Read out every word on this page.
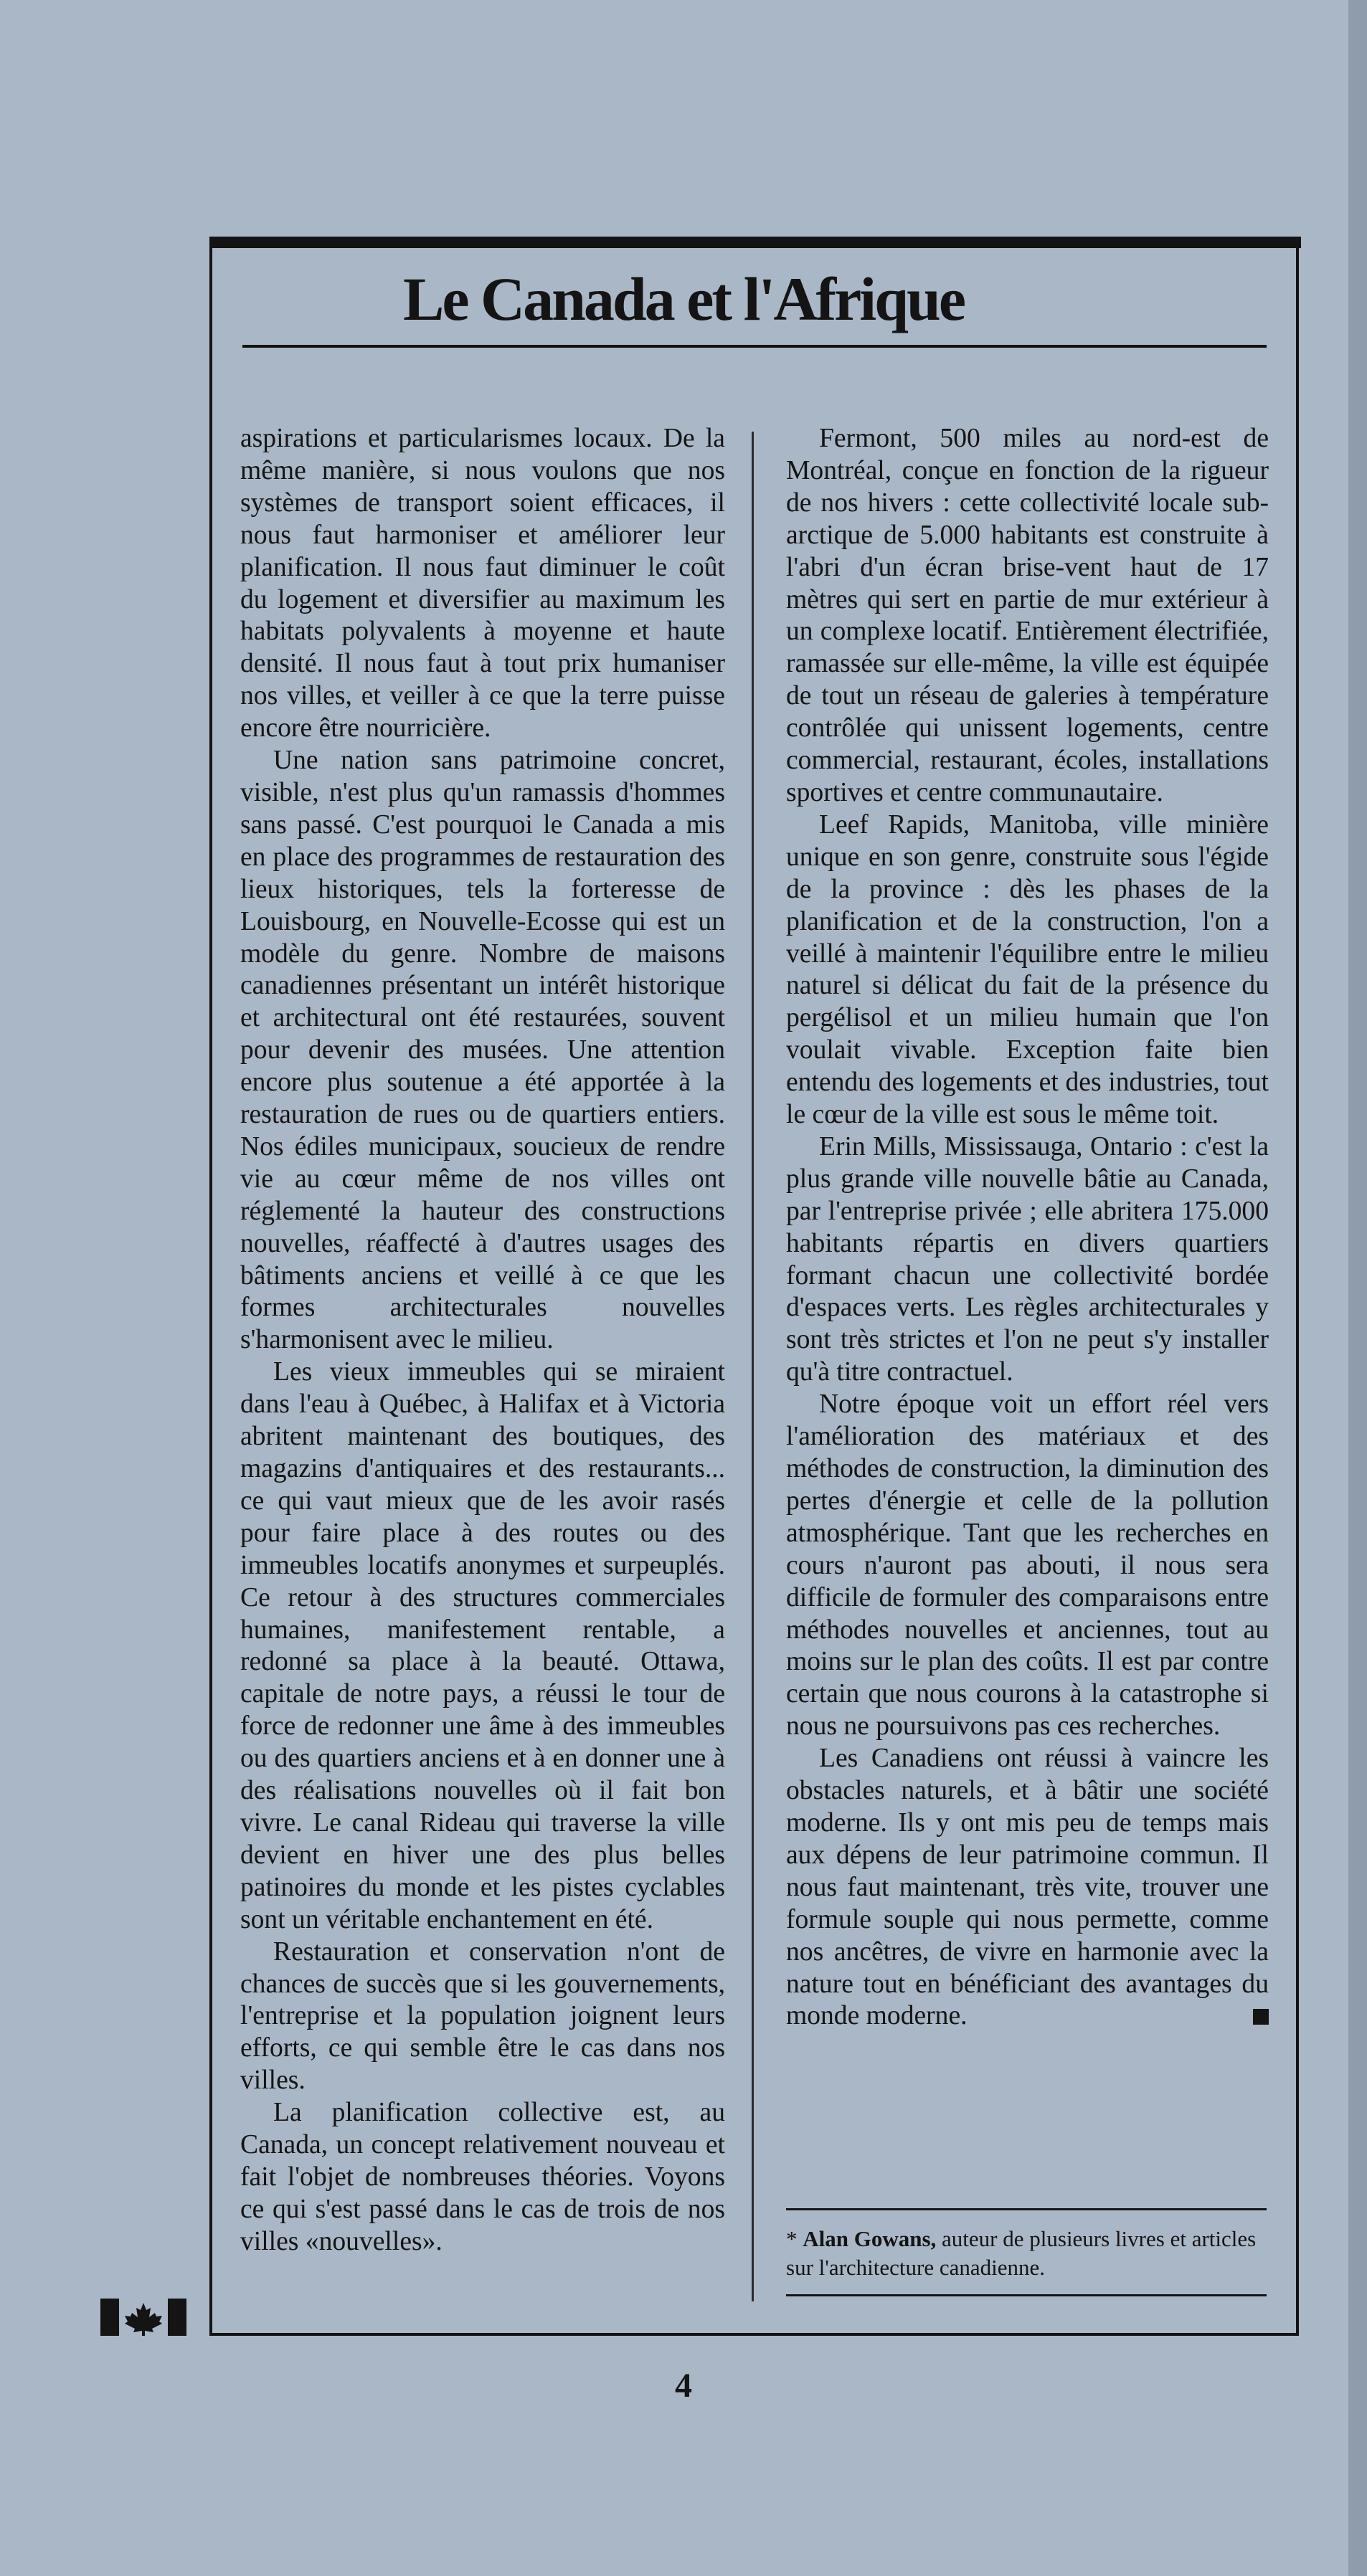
Le Canada et l'Afrique

aspirations et particularismes locaux. De la même manière, si nous voulons que nos systèmes de transport soient efficaces, il nous faut harmoniser et améliorer leur planification. Il nous faut diminuer le coût du logement et diversifier au maximum les habitats polyvalents à moyenne et haute densité. Il nous faut à tout prix humaniser nos villes, et veiller à ce que la terre puisse encore être nourricière.

Une nation sans patrimoine concret, visible, n'est plus qu'un ramassis d'hommes sans passé. C'est pourquoi le Canada a mis en place des programmes de restauration des lieux historiques, tels la forteresse de Louisbourg, en Nouvelle-Ecosse qui est un modèle du genre. Nombre de maisons canadiennes présentant un intérêt historique et architectural ont été restaurées, souvent pour devenir des musées. Une attention encore plus soutenue a été apportée à la restauration de rues ou de quartiers entiers. Nos édiles municipaux, soucieux de rendre vie au cœur même de nos villes ont réglementé la hauteur des constructions nouvelles, réaffecté à d'autres usages des bâtiments anciens et veillé à ce que les formes architecturales nouvelles s'harmonisent avec le milieu.

Les vieux immeubles qui se miraient dans l'eau à Québec, à Halifax et à Victoria abritent maintenant des boutiques, des magazins d'antiquaires et des restaurants... ce qui vaut mieux que de les avoir rasés pour faire place à des routes ou des immeubles locatifs anonymes et surpeuplés. Ce retour à des structures commerciales humaines, manifestement rentable, a redonné sa place à la beauté. Ottawa, capitale de notre pays, a réussi le tour de force de redonner une âme à des immeubles ou des quartiers anciens et à en donner une à des réalisations nouvelles où il fait bon vivre. Le canal Rideau qui traverse la ville devient en hiver une des plus belles patinoires du monde et les pistes cyclables sont un véritable enchantement en été.

Restauration et conservation n'ont de chances de succès que si les gouvernements, l'entreprise et la population joignent leurs efforts, ce qui semble être le cas dans nos villes.

La planification collective est, au Canada, un concept relativement nouveau et fait l'objet de nombreuses théories. Voyons ce qui s'est passé dans le cas de trois de nos villes «nouvelles».

Fermont, 500 miles au nord-est de Montréal, conçue en fonction de la rigueur de nos hivers : cette collectivité locale sub-arctique de 5.000 habitants est construite à l'abri d'un écran brise-vent haut de 17 mètres qui sert en partie de mur extérieur à un complexe locatif. Entièrement électrifiée, ramassée sur elle-même, la ville est équipée de tout un réseau de galeries à température contrôlée qui unissent logements, centre commercial, restaurant, écoles, installations sportives et centre communautaire.

Leef Rapids, Manitoba, ville minière unique en son genre, construite sous l'égide de la province : dès les phases de la planification et de la construction, l'on a veillé à maintenir l'équilibre entre le milieu naturel si délicat du fait de la présence du pergélisol et un milieu humain que l'on voulait vivable. Exception faite bien entendu des logements et des industries, tout le cœur de la ville est sous le même toit.

Erin Mills, Mississauga, Ontario : c'est la plus grande ville nouvelle bâtie au Canada, par l'entreprise privée ; elle abritera 175.000 habitants répartis en divers quartiers formant chacun une collectivité bordée d'espaces verts. Les règles architecturales y sont très strictes et l'on ne peut s'y installer qu'à titre contractuel.

Notre époque voit un effort réel vers l'amélioration des matériaux et des méthodes de construction, la diminution des pertes d'énergie et celle de la pollution atmosphérique. Tant que les recherches en cours n'auront pas abouti, il nous sera difficile de formuler des comparaisons entre méthodes nouvelles et anciennes, tout au moins sur le plan des coûts. Il est par contre certain que nous courons à la catastrophe si nous ne poursuivons pas ces recherches.

Les Canadiens ont réussi à vaincre les obstacles naturels, et à bâtir une société moderne. Ils y ont mis peu de temps mais aux dépens de leur patrimoine commun. Il nous faut maintenant, très vite, trouver une formule souple qui nous permette, comme nos ancêtres, de vivre en harmonie avec la nature tout en bénéficiant des avantages du monde moderne.

* Alan Gowans, auteur de plusieurs livres et articles sur l'architecture canadienne.
4
